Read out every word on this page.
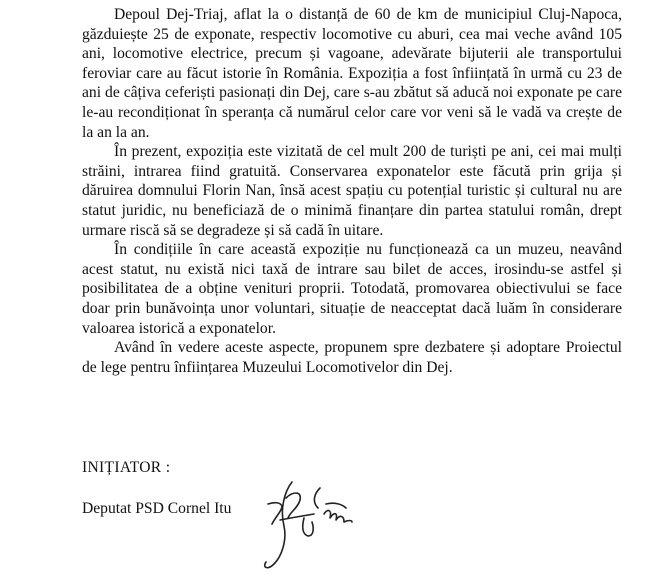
Depoul Dej-Triaj, aflat la o distanță de 60 de km de municipiul Cluj-Napoca, găzduiește 25 de exponate, respectiv locomotive cu aburi, cea mai veche având 105 ani, locomotive electrice, precum și vagoane, adevărate bijuterii ale transportului feroviar care au făcut istorie în România. Expoziția a fost înființată în urmă cu 23 de ani de câțiva ceferiști pasionați din Dej, care s-au zbătut să aducă noi exponate pe care le-au recondiționat în speranța că numărul celor care vor veni să le vadă va crește de la an la an.

În prezent, expoziția este vizitată de cel mult 200 de turiști pe ani, cei mai mulți străini, intrarea fiind gratuită. Conservarea exponatelor este făcută prin grija și dăruirea domnului Florin Nan, însă acest spațiu cu potențial turistic și cultural nu are statut juridic, nu beneficiază de o minimă finanțare din partea statului român, drept urmare riscă să se degradeze și să cadă în uitare.

În condițiile în care această expoziție nu funcționează ca un muzeu, neavând acest statut, nu există nici taxă de intrare sau bilet de acces, irosindu-se astfel și posibilitatea de a obține venituri proprii. Totodată, promovarea obiectivului se face doar prin bunăvoința unor voluntari, situație de neacceptat dacă luăm în considerare valoarea istorică a exponatelor.

Având în vedere aceste aspecte, propunem spre dezbatere și adoptare Proiectul de lege pentru înființarea Muzeului Locomotivelor din Dej.

INIȚIATOR :
Deputat PSD Cornel Itu
